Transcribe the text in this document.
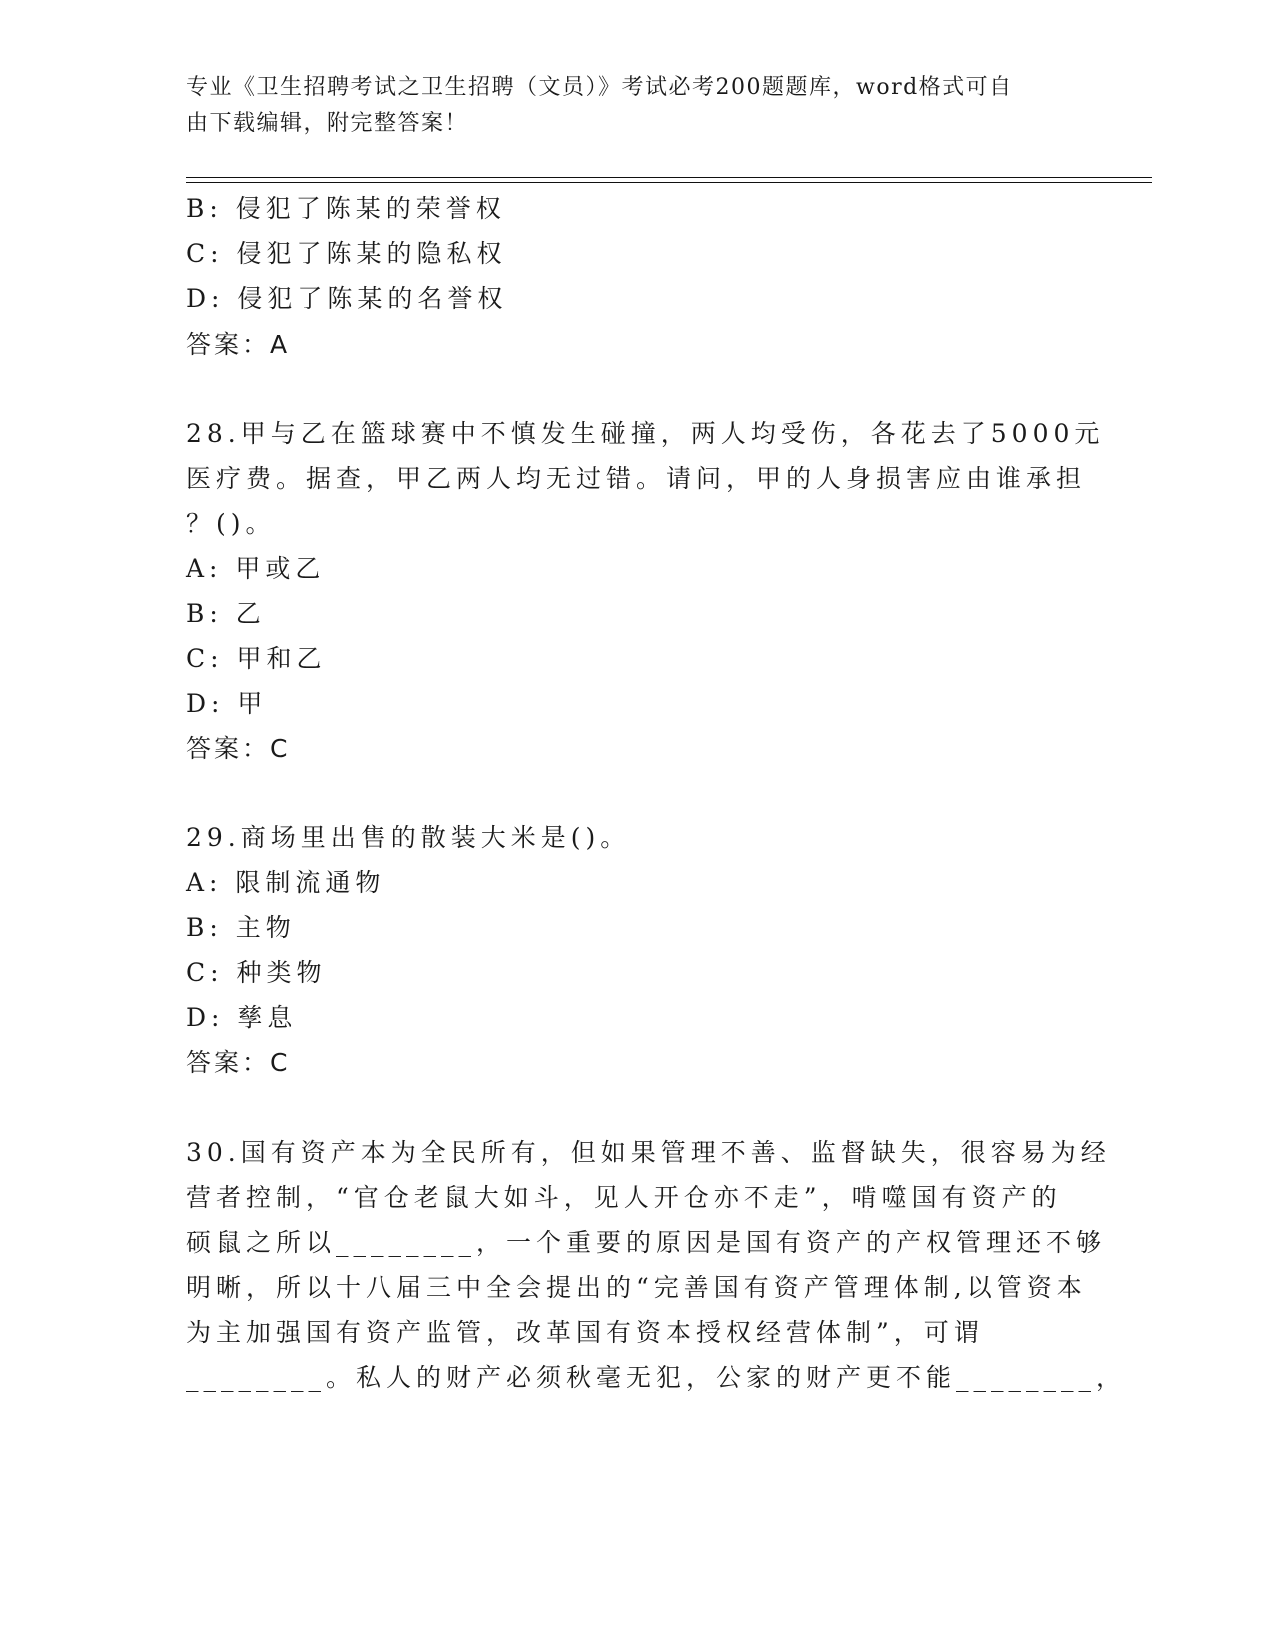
专业《卫生招聘考试之卫生招聘（文员）》考试必考200题题库，word格式可自
由下载编辑，附完整答案！
B: 侵犯了陈某的荣誉权
C: 侵犯了陈某的隐私权
D: 侵犯了陈某的名誉权
答案：A
28.甲与乙在篮球赛中不慎发生碰撞，两人均受伤，各花去了5000元
医疗费。据查，甲乙两人均无过错。请问，甲的人身损害应由谁承担
？()。
A: 甲或乙
B: 乙
C: 甲和乙
D: 甲
答案：C
29.商场里出售的散装大米是()。
A: 限制流通物
B: 主物
C: 种类物
D: 孳息
答案：C
30.国有资产本为全民所有，但如果管理不善、监督缺失，很容易为经
营者控制，“官仓老鼠大如斗，见人开仓亦不走”，啃噬国有资产的
硕鼠之所以________，一个重要的原因是国有资产的产权管理还不够
明晰，所以十八届三中全会提出的“完善国有资产管理体制,以管资本
为主加强国有资产监管，改革国有资本授权经营体制”，可谓
________。私人的财产必须秋毫无犯，公家的财产更不能________，
